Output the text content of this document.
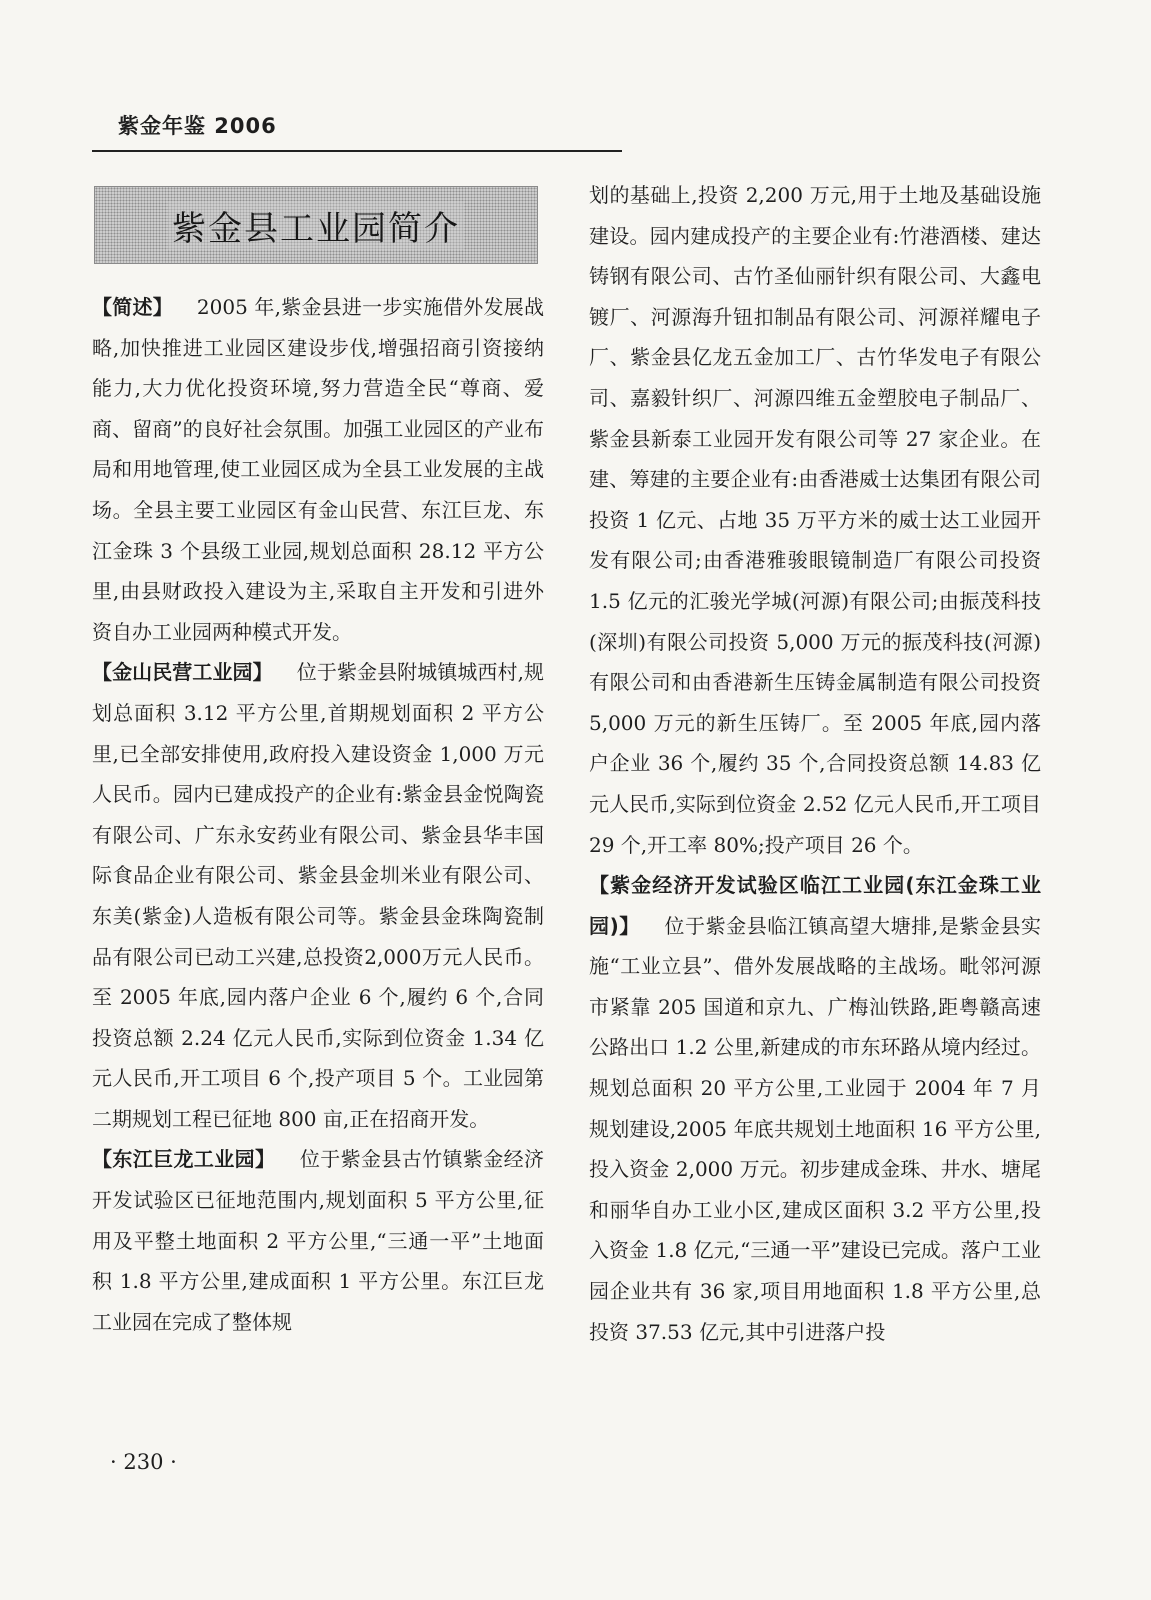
紫金年鉴 2006
紫金县工业园简介

【简述】 2005 年,紫金县进一步实施借外发展战略,加快推进工业园区建设步伐,增强招商引资接纳能力,大力优化投资环境,努力营造全民“尊商、爱商、留商”的良好社会氛围。加强工业园区的产业布局和用地管理,使工业园区成为全县工业发展的主战场。全县主要工业园区有金山民营、东江巨龙、东江金珠 3 个县级工业园,规划总面积 28.12 平方公里,由县财政投入建设为主,采取自主开发和引进外资自办工业园两种模式开发。

【金山民营工业园】 位于紫金县附城镇城西村,规划总面积 3.12 平方公里,首期规划面积 2 平方公里,已全部安排使用,政府投入建设资金 1,000 万元人民币。园内已建成投产的企业有:紫金县金悦陶瓷有限公司、广东永安药业有限公司、紫金县华丰国际食品企业有限公司、紫金县金圳米业有限公司、东美(紫金)人造板有限公司等。紫金县金珠陶瓷制品有限公司已动工兴建,总投资2,000万元人民币。至 2005 年底,园内落户企业 6 个,履约 6 个,合同投资总额 2.24 亿元人民币,实际到位资金 1.34 亿元人民币,开工项目 6 个,投产项目 5 个。工业园第二期规划工程已征地 800 亩,正在招商开发。

【东江巨龙工业园】 位于紫金县古竹镇紫金经济开发试验区已征地范围内,规划面积 5 平方公里,征用及平整土地面积 2 平方公里,“三通一平”土地面积 1.8 平方公里,建成面积 1 平方公里。东江巨龙工业园在完成了整体规

划的基础上,投资 2,200 万元,用于土地及基础设施建设。园内建成投产的主要企业有:竹港酒楼、建达铸钢有限公司、古竹圣仙丽针织有限公司、大鑫电镀厂、河源海升钮扣制品有限公司、河源祥耀电子厂、紫金县亿龙五金加工厂、古竹华发电子有限公司、嘉毅针织厂、河源四维五金塑胶电子制品厂、紫金县新泰工业园开发有限公司等 27 家企业。在建、筹建的主要企业有:由香港威士达集团有限公司投资 1 亿元、占地 35 万平方米的威士达工业园开发有限公司;由香港雅骏眼镜制造厂有限公司投资 1.5 亿元的汇骏光学城(河源)有限公司;由振茂科技(深圳)有限公司投资 5,000 万元的振茂科技(河源)有限公司和由香港新生压铸金属制造有限公司投资 5,000 万元的新生压铸厂。至 2005 年底,园内落户企业 36 个,履约 35 个,合同投资总额 14.83 亿元人民币,实际到位资金 2.52 亿元人民币,开工项目 29 个,开工率 80%;投产项目 26 个。

【紫金经济开发试验区临江工业园(东江金珠工业园)】 位于紫金县临江镇高望大塘排,是紫金县实施“工业立县”、借外发展战略的主战场。毗邻河源市紧靠 205 国道和京九、广梅汕铁路,距粤赣高速公路出口 1.2 公里,新建成的市东环路从境内经过。规划总面积 20 平方公里,工业园于 2004 年 7 月规划建设,2005 年底共规划土地面积 16 平方公里,投入资金 2,000 万元。初步建成金珠、井水、塘尾和丽华自办工业小区,建成区面积 3.2 平方公里,投入资金 1.8 亿元,“三通一平”建设已完成。落户工业园企业共有 36 家,项目用地面积 1.8 平方公里,总投资 37.53 亿元,其中引进落户投

· 230 ·
